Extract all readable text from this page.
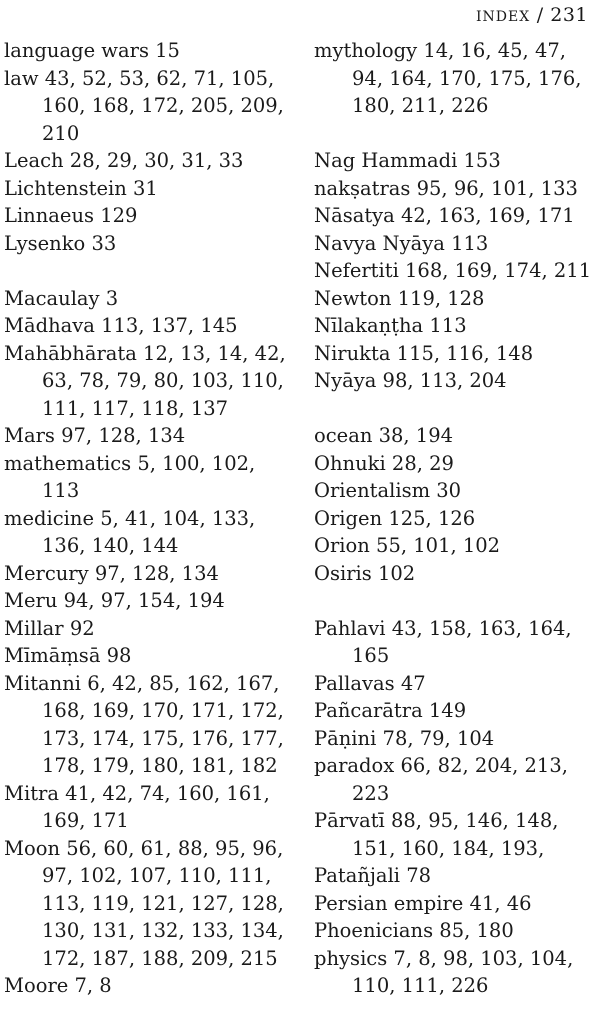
INDEX / 231
language wars 15
law 43, 52, 53, 62, 71, 105,
160, 168, 172, 205, 209,
210
Leach 28, 29, 30, 31, 33
Lichtenstein 31
Linnaeus 129
Lysenko 33
Macaulay 3
Mādhava 113, 137, 145
Mahābhārata 12, 13, 14, 42,
63, 78, 79, 80, 103, 110,
111, 117, 118, 137
Mars 97, 128, 134
mathematics 5, 100, 102,
113
medicine 5, 41, 104, 133,
136, 140, 144
Mercury 97, 128, 134
Meru 94, 97, 154, 194
Millar 92
Mīmāṃsā 98
Mitanni 6, 42, 85, 162, 167,
168, 169, 170, 171, 172,
173, 174, 175, 176, 177,
178, 179, 180, 181, 182
Mitra 41, 42, 74, 160, 161,
169, 171
Moon 56, 60, 61, 88, 95, 96,
97, 102, 107, 110, 111,
113, 119, 121, 127, 128,
130, 131, 132, 133, 134,
172, 187, 188, 209, 215
Moore 7, 8
mythology 14, 16, 45, 47,
94, 164, 170, 175, 176,
180, 211, 226
Nag Hammadi 153
nakṣatras 95, 96, 101, 133
Nāsatya 42, 163, 169, 171
Navya Nyāya 113
Nefertiti 168, 169, 174, 211
Newton 119, 128
Nīlakaṇṭha 113
Nirukta 115, 116, 148
Nyāya 98, 113, 204
ocean 38, 194
Ohnuki 28, 29
Orientalism 30
Origen 125, 126
Orion 55, 101, 102
Osiris 102
Pahlavi 43, 158, 163, 164,
165
Pallavas 47
Pañcarātra 149
Pāṇini 78, 79, 104
paradox 66, 82, 204, 213,
223
Pārvatī 88, 95, 146, 148,
151, 160, 184, 193,
Patañjali 78
Persian empire 41, 46
Phoenicians 85, 180
physics 7, 8, 98, 103, 104,
110, 111, 226
